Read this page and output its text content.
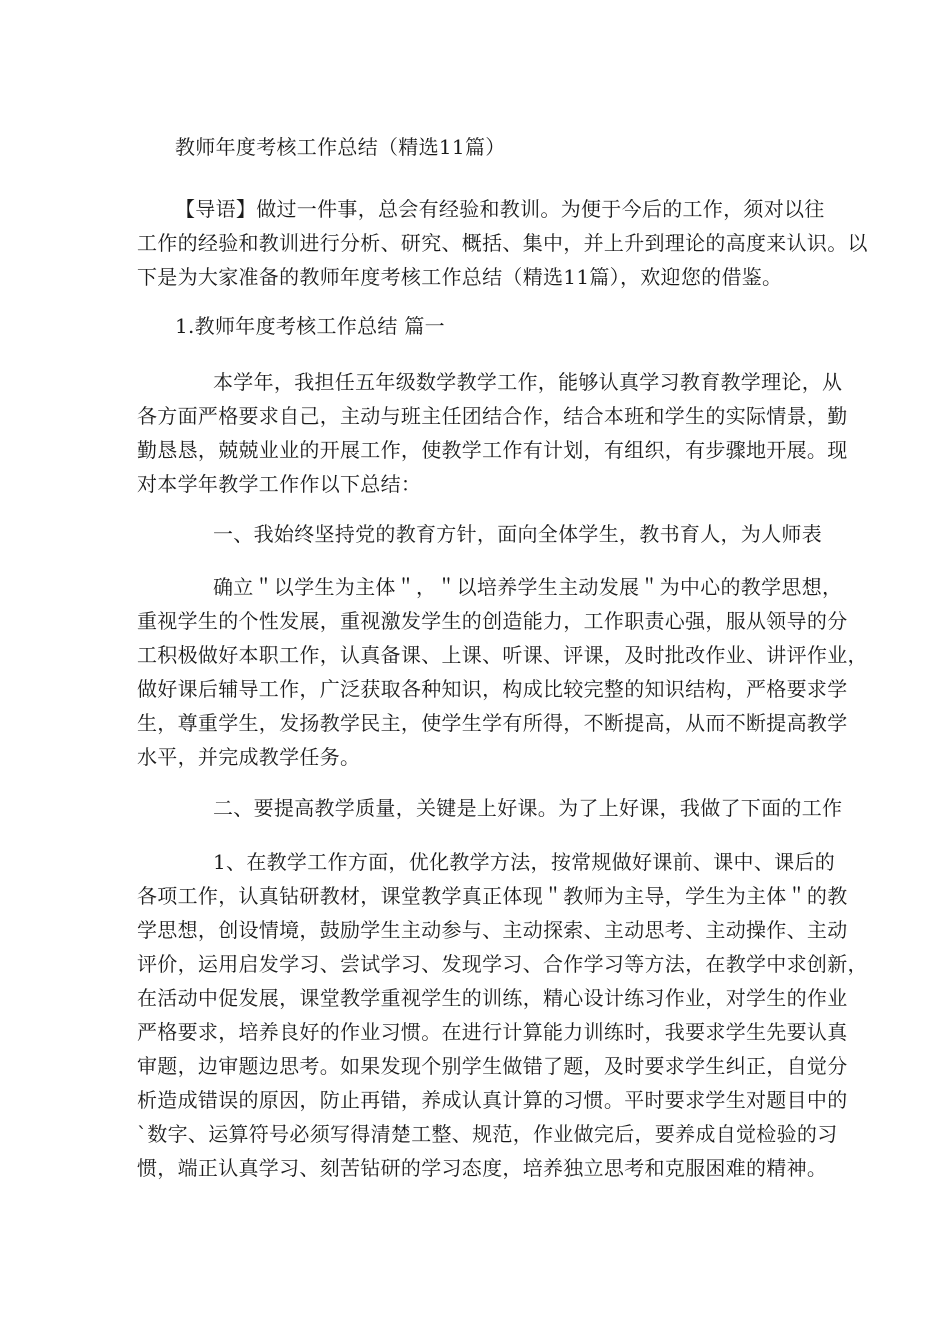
教师年度考核工作总结（精选11篇）
【导语】做过一件事，总会有经验和教训。为便于今后的工作，须对以往
工作的经验和教训进行分析、研究、概括、集中，并上升到理论的高度来认识。以
下是为大家准备的教师年度考核工作总结（精选11篇），欢迎您的借鉴。
1.教师年度考核工作总结 篇一
本学年，我担任五年级数学教学工作，能够认真学习教育教学理论，从
各方面严格要求自己，主动与班主任团结合作，结合本班和学生的实际情景，勤
勤恳恳，兢兢业业的开展工作，使教学工作有计划，有组织，有步骤地开展。现
对本学年教学工作作以下总结：
一、我始终坚持党的教育方针，面向全体学生，教书育人，为人师表
确立＂以学生为主体＂，＂以培养学生主动发展＂为中心的教学思想，
重视学生的个性发展，重视激发学生的创造能力，工作职责心强，服从领导的分
工积极做好本职工作，认真备课、上课、听课、评课，及时批改作业、讲评作业，
做好课后辅导工作，广泛获取各种知识，构成比较完整的知识结构，严格要求学
生，尊重学生，发扬教学民主，使学生学有所得，不断提高，从而不断提高教学
水平，并完成教学任务。
二、要提高教学质量，关键是上好课。为了上好课，我做了下面的工作
1、在教学工作方面，优化教学方法，按常规做好课前、课中、课后的
各项工作，认真钻研教材，课堂教学真正体现＂教师为主导，学生为主体＂的教
学思想，创设情境，鼓励学生主动参与、主动探索、主动思考、主动操作、主动
评价，运用启发学习、尝试学习、发现学习、合作学习等方法，在教学中求创新，
在活动中促发展，课堂教学重视学生的训练，精心设计练习作业，对学生的作业
严格要求，培养良好的作业习惯。在进行计算能力训练时，我要求学生先要认真
审题，边审题边思考。如果发现个别学生做错了题，及时要求学生纠正，自觉分
析造成错误的原因，防止再错，养成认真计算的习惯。平时要求学生对题目中的
`数字、运算符号必须写得清楚工整、规范，作业做完后，要养成自觉检验的习
惯，端正认真学习、刻苦钻研的学习态度，培养独立思考和克服困难的精神。
